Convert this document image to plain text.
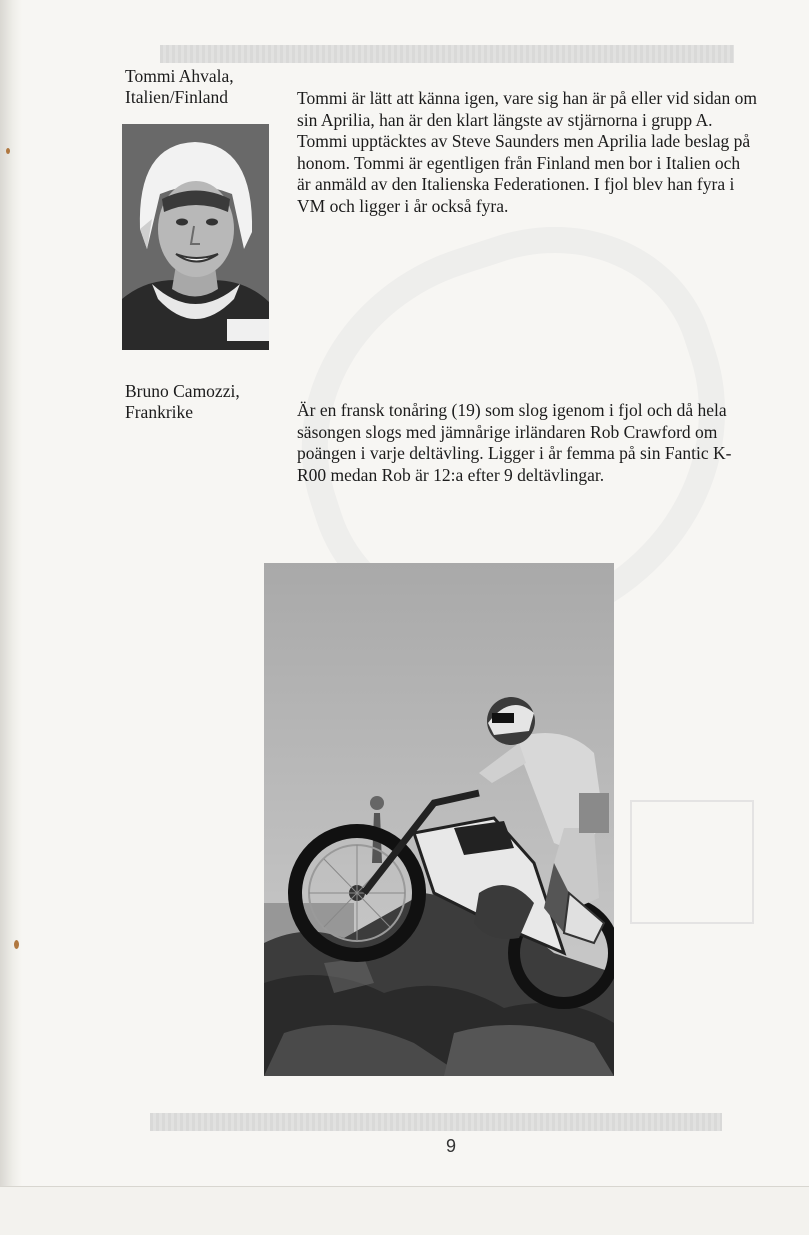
Tommi Ahvala,
Italien/Finland	Tommi är lätt att känna igen, vare sig han är på eller vid sidan om sin Aprilia, han är den klart längste av stjärnorna i grupp A. Tommi upptäcktes av Steve Saunders men Aprilia lade beslag på honom. Tommi är egentligen från Finland men bor i Italien och är anmäld av den Italienska Federationen. I fjol blev han fyra i VM och ligger i år också fyra.
Bruno Camozzi,
Frankrike	Är en fransk tonåring (19) som slog igenom i fjol och då hela säsongen slogs med jämnårige irländaren Rob Crawford om poängen i varje deltävling. Ligger i år femma på sin Fantic K-R00 medan Rob är 12:a efter 9 deltävlingar.
9
